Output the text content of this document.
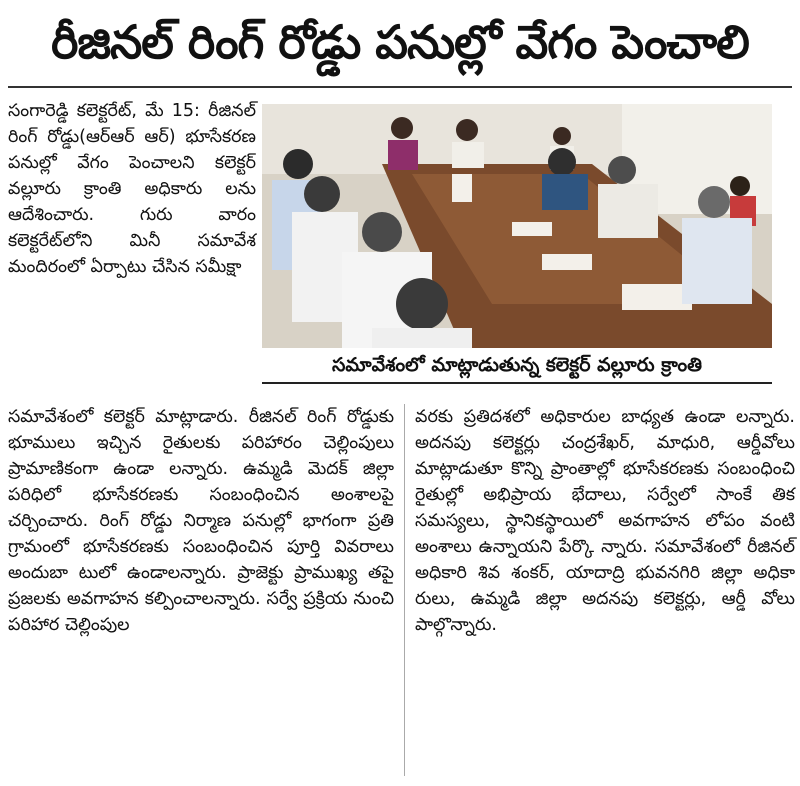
రీజినల్ రింగ్ రోడ్డు పనుల్లో వేగం పెంచాలి

సంగారెడ్డి కలెక్టరేట్, మే 15: రీజినల్ రింగ్ రోడ్డు(ఆర్ఆర్ ఆర్) భూసేకరణ పనుల్లో వేగం పెంచాలని కలెక్టర్ వల్లూరు క్రాంతి అధికారు లను ఆదేశించారు. గురు వారం కలెక్టరేట్‌లోని మినీ సమావేశ మందిరంలో ఏర్పాటు చేసిన సమీక్షా

సమావేశంలో మాట్లాడుతున్న కలెక్టర్ వల్లూరు క్రాంతి

సమావేశంలో కలెక్టర్ మాట్లాడారు. రీజినల్ రింగ్ రోడ్డుకు భూములు ఇచ్చిన రైతులకు పరిహారం చెల్లింపులు ప్రామాణికంగా ఉండా లన్నారు. ఉమ్మడి మెదక్ జిల్లా పరిధిలో భూసేకరణకు సంబంధించిన అంశాలపై చర్చించారు. రింగ్ రోడ్డు నిర్మాణ పనుల్లో భాగంగా ప్రతి గ్రామంలో భూసేకరణకు సంబంధించిన పూర్తి వివరాలు అందుబా టులో ఉండాలన్నారు. ప్రాజెక్టు ప్రాముఖ్య తపై ప్రజలకు అవగాహన కల్పించాలన్నారు. సర్వే ప్రక్రియ నుంచి పరిహార చెల్లింపుల

వరకు ప్రతిదశలో అధికారుల బాధ్యత ఉండా లన్నారు. అదనపు కలెక్టర్లు చంద్రశేఖర్, మాధురి, ఆర్డీవోలు మాట్లాడుతూ కొన్ని ప్రాంతాల్లో భూసేకరణకు సంబంధించి రైతుల్లో అభిప్రాయ భేదాలు, సర్వేలో సాంకే తిక సమస్యలు, స్థానికస్థాయిలో అవగాహన లోపం వంటి అంశాలు ఉన్నాయని పేర్కొ న్నారు. సమావేశంలో రీజినల్ అధికారి శివ శంకర్, యాదాద్రి భువనగిరి జిల్లా అధికా రులు, ఉమ్మడి జిల్లా అదనపు కలెక్టర్లు, ఆర్డీ వోలు పాల్గొన్నారు.
